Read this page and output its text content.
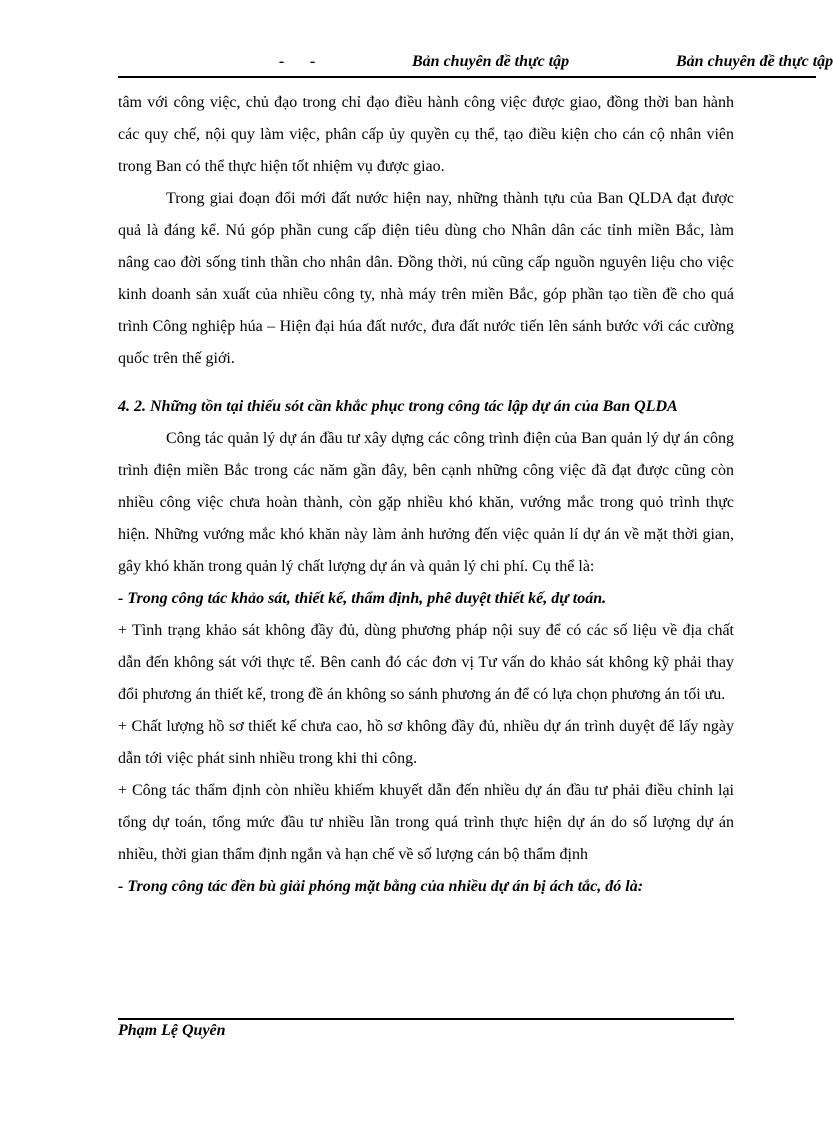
- -	Bản chuyên đề thực tập	Bản chuyên đề thực tập

tâm với công việc, chủ đạo trong chỉ đạo điều hành công việc được giao, đồng thời ban hành các quy chế, nội quy làm việc, phân cấp ủy quyền cụ thể, tạo điều kiện cho cán cộ nhân viên trong Ban có thể thực hiện tốt nhiệm vụ được giao.

Trong giai đoạn đổi mới đất nước hiện nay, những thành tựu của Ban QLDA đạt được quả là đáng kể. Nú góp phần cung cấp điện tiêu dùng cho Nhân dân các tỉnh miền Bắc, làm nâng cao đời sống tinh thần cho nhân dân. Đồng thời, nú cũng cấp nguồn nguyên liệu cho việc kinh doanh sản xuất của nhiều công ty, nhà máy trên miền Bắc, góp phần tạo tiền đề cho quá trình Công nghiệp húa – Hiện đại húa đất nước, đưa đất nước tiến lên sánh bước với các cường quốc trên thế giới.

4. 2. Những tồn tại thiếu sót cần khắc phục trong công tác lập dự án của Ban QLDA

Công tác quản lý dự án đầu tư xây dựng các công trình điện của Ban quản lý dự án công trình điện miền Bắc trong các năm gần đây, bên cạnh những công việc đã đạt được cũng còn nhiều công việc chưa hoàn thành, còn gặp nhiều khó khăn, vướng mắc trong quỏ trình thực hiện. Những vướng mắc khó khăn này làm ảnh hưởng đến việc quản lí dự án về mặt thời gian, gây khó khăn trong quản lý chất lượng dự án và quản lý chi phí. Cụ thể là:

- Trong công tác khảo sát, thiết kế, thẩm định, phê duyệt thiết kế, dự toán.

+ Tình trạng khảo sát không đầy đủ, dùng phương pháp nội suy để có các số liệu về địa chất dẫn đến không sát với thực tế. Bên canh đó các đơn vị Tư vấn do khảo sát không kỹ phải thay đổi phương án thiết kế, trong đề án không so sánh phương án để có lựa chọn phương án tối ưu.

+ Chất lượng hồ sơ thiết kế chưa cao, hồ sơ không đầy đủ, nhiều dự án trình duyệt để lấy ngày dẫn tới việc phát sinh nhiều trong khi thi công.

+ Công tác thẩm định còn nhiều khiếm khuyết dẫn đến nhiều dự án đầu tư phải điều chỉnh lại tổng dự toán, tổng mức đầu tư nhiều lần trong quá trình thực hiện dự án do số lượng dự án nhiều, thời gian thẩm định ngắn và hạn chế về số lượng cán bộ thẩm định

- Trong công tác đền bù giải phóng mặt bằng của nhiều dự án bị ách tắc, đó là:

Phạm Lệ Quyên
